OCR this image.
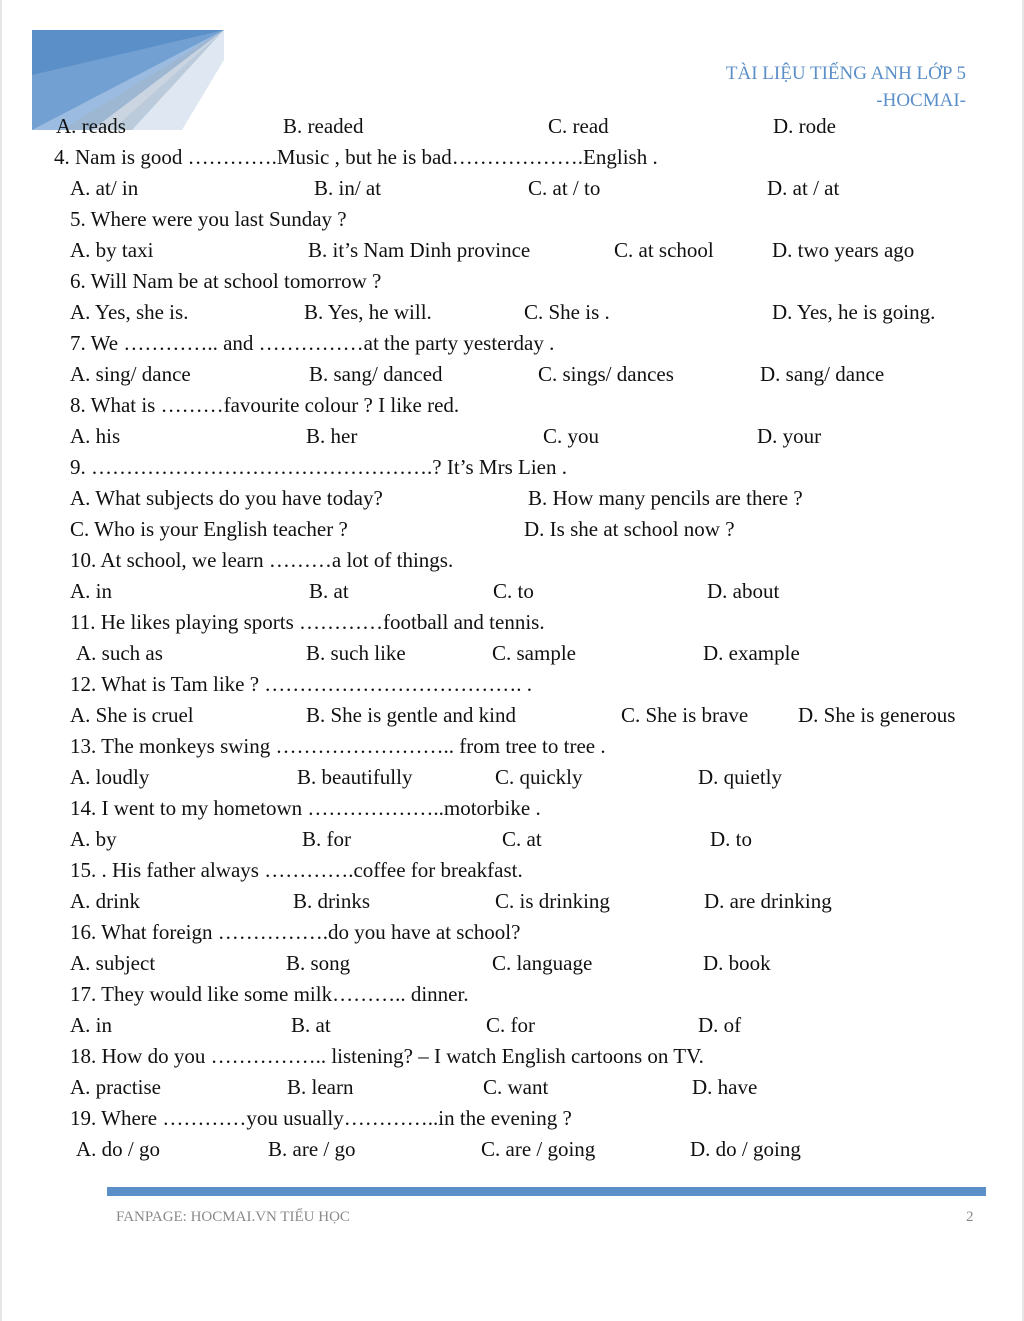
TÀI LIỆU TIẾNG ANH LỚP 5
-HOCMAI-
A. reads	B. readed	C. read	D. rode
4. Nam is good ………….Music , but he is bad……………….English .
A. at/ in	B. in/ at	C. at / to	D. at / at
5. Where were you last Sunday ?
A. by taxi	B. it’s Nam Dinh province	C. at school	D. two years ago
6. Will Nam be at school tomorrow ?
A. Yes, she is.	B. Yes, he will.	C. She is .	D. Yes, he is going.
7. We ………….. and ……………at the party yesterday .
A. sing/ dance	B. sang/ danced	C. sings/ dances	D. sang/ dance
8. What is ………favourite colour ? I like red.
A. his	B. her	C. you	D. your
9. ………………………………………….? It’s Mrs Lien .
A. What subjects do you have today?	B. How many pencils are there ?
C. Who is your English teacher ?	D. Is she at school now ?
10. At school, we learn ………a lot of things.
A. in	B. at	C. to	D. about
11. He likes playing sports …………football and tennis.
A. such as	B. such like	C. sample	D. example
12. What is Tam like ? ………………………………. .
A. She is cruel	B. She is gentle and kind	C. She is brave D. She is generous
13. The monkeys swing …………………….. from tree to tree .
A. loudly	B. beautifully	C. quickly	D. quietly
14. I went to my hometown ………………..motorbike .
A. by	B. for	C. at	D. to
15. . His father always ………….coffee for breakfast.
A. drink	B. drinks	C. is drinking	D. are drinking
16. What foreign …………….do you have at school?
A. subject	B. song	C. language	D. book
17. They would like some milk……….. dinner.
A. in	B. at	C. for	D. of
18. How do you …………….. listening? – I watch English cartoons on TV.
A. practise	B. learn	C. want	D. have
19. Where …………you usually…………..in the evening ?
A. do / go	B. are / go	C. are / going	D. do / going
FANPAGE: HOCMAI.VN TIỂU HỌC	2
